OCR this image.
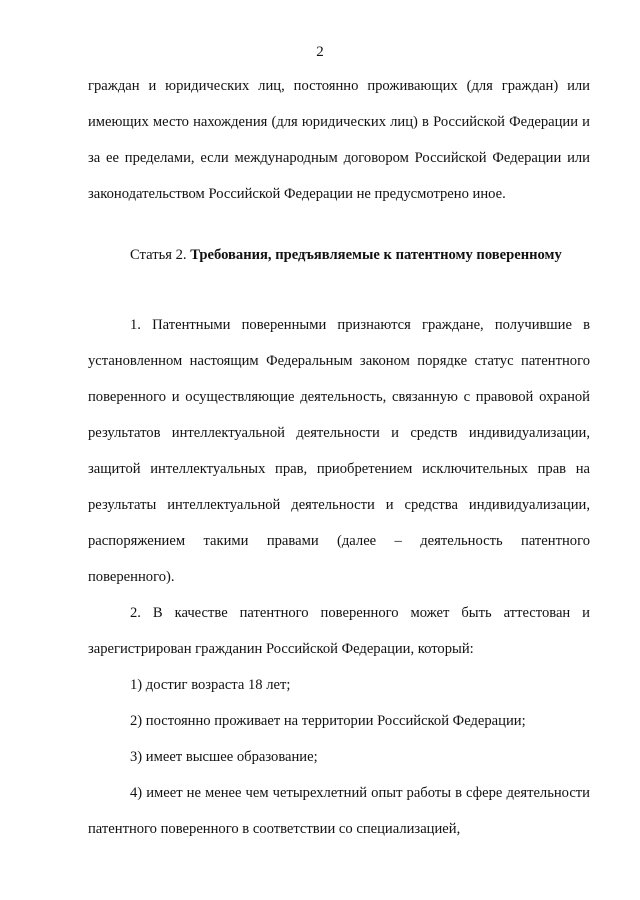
2

граждан и юридических лиц, постоянно проживающих (для граждан) или имеющих место нахождения (для юридических лиц) в Российской Федерации и за ее пределами, если международным договором Российской Федерации или законодательством Российской Федерации не предусмотрено иное.

Статья 2. Требования, предъявляемые к патентному поверенному

1. Патентными поверенными признаются граждане, получившие в установленном настоящим Федеральным законом порядке статус патентного поверенного и осуществляющие деятельность, связанную с правовой охраной результатов интеллектуальной деятельности и средств индивидуализации, защитой интеллектуальных прав, приобретением исключительных прав на результаты интеллектуальной деятельности и средства индивидуализации, распоряжением такими правами (далее – деятельность патентного поверенного).

2. В качестве патентного поверенного может быть аттестован и зарегистрирован гражданин Российской Федерации, который:

1) достиг возраста 18 лет;

2) постоянно проживает на территории Российской Федерации;

3) имеет высшее образование;

4) имеет не менее чем четырехлетний опыт работы в сфере деятельности патентного поверенного в соответствии со специализацией,
